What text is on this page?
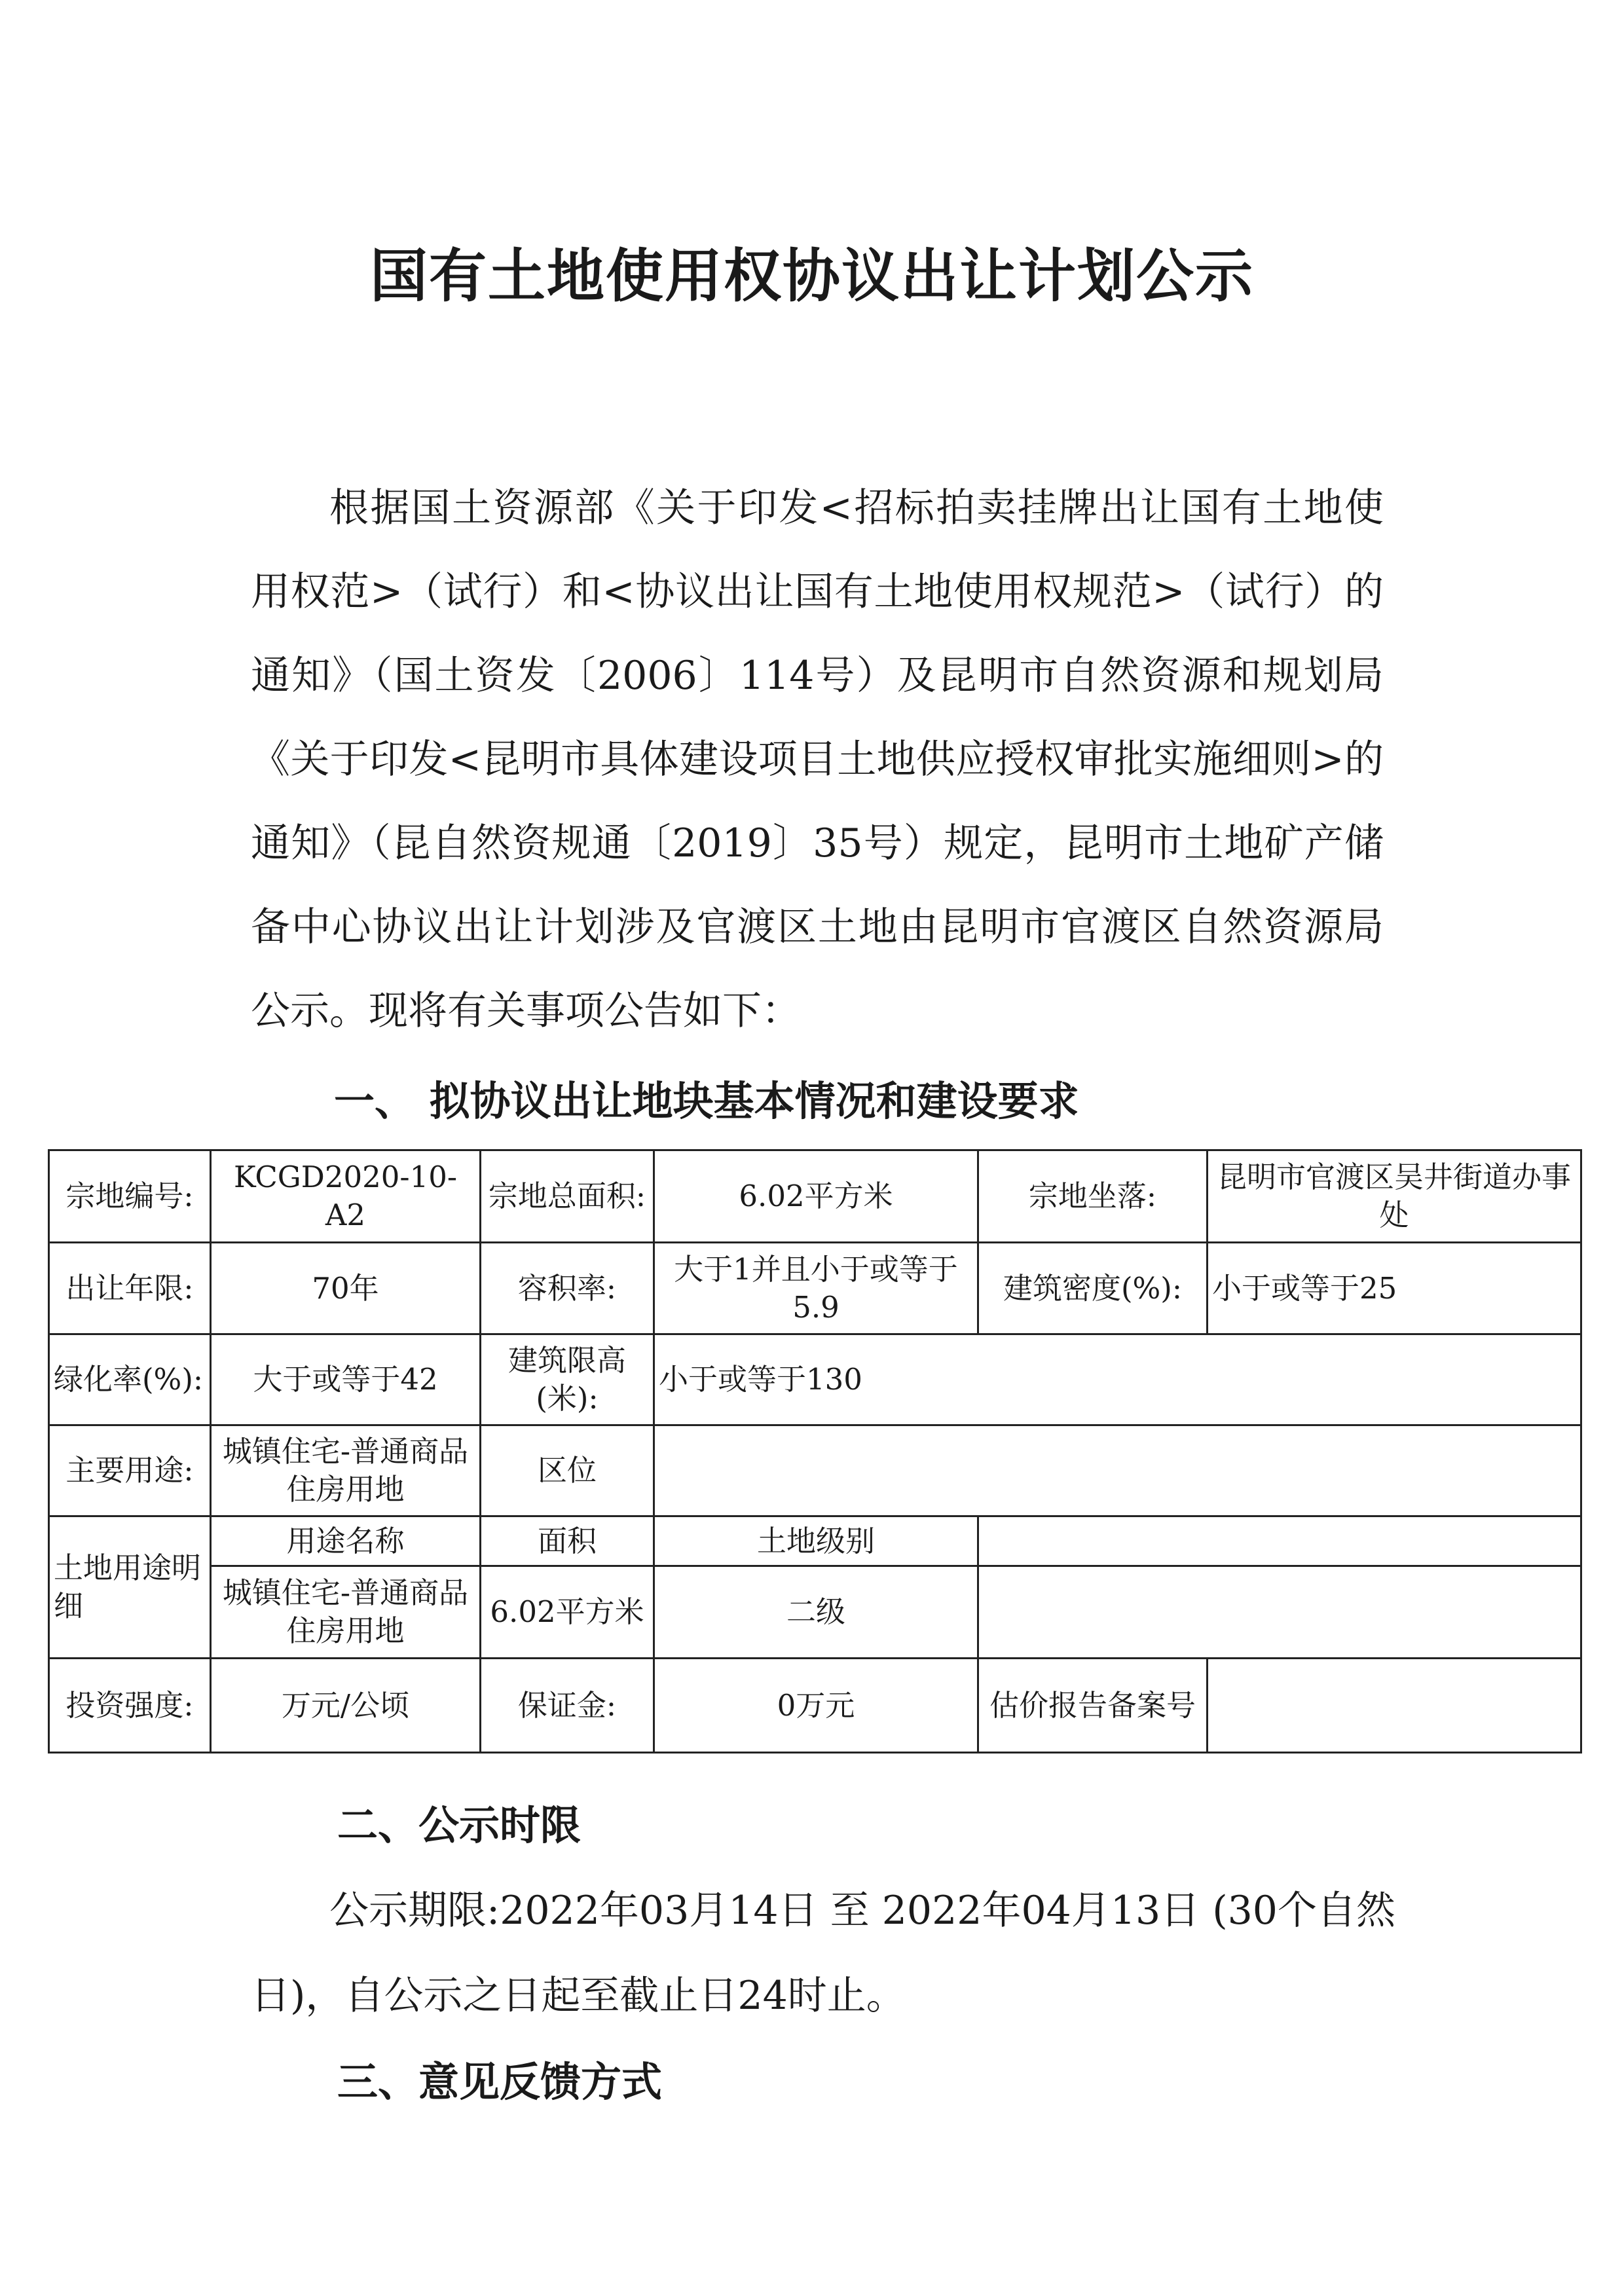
国有土地使用权协议出让计划公示
根据国土资源部《关于印发<招标拍卖挂牌出让国有土地使用权范>（试行）和<协议出让国有土地使用权规范>（试行）的通知》（国土资发〔2006〕114号）及昆明市自然资源和规划局《关于印发<昆明市具体建设项目土地供应授权审批实施细则>的通知》（昆自然资规通〔2019〕35号）规定，昆明市土地矿产储备中心协议出让计划涉及官渡区土地由昆明市官渡区自然资源局公示。现将有关事项公告如下：
一、 拟协议出让地块基本情况和建设要求
宗地编号:	KCGD2020-10-A2	宗地总面积:	6.02平方米	宗地坐落:	昆明市官渡区吴井街道办事处
出让年限:	70年	容积率:	大于1并且小于或等于5.9	建筑密度(%):	小于或等于25
绿化率(%):	大于或等于42	建筑限高(米):	小于或等于130		
主要用途:	城镇住宅-普通商品住房用地	区位			
土地用途明细	用途名称	面积	土地级别		
	城镇住宅-普通商品住房用地	6.02平方米	二级		
投资强度:	万元/公顷	保证金:	0万元	估价报告备案号	
二、公示时限
公示期限:2022年03月14日 至 2022年04月13日 (30个自然日)，自公示之日起至截止日24时止。
三、意见反馈方式
